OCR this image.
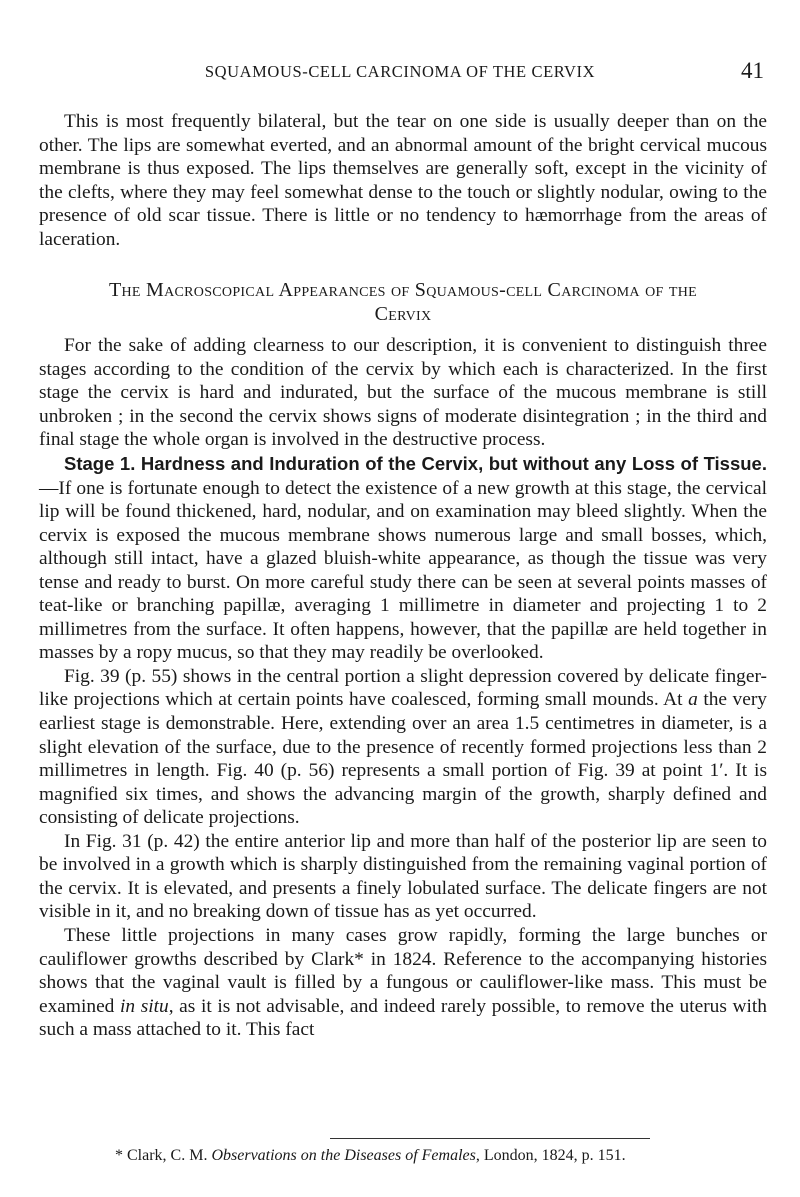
SQUAMOUS-CELL CARCINOMA OF THE CERVIX	41

This is most frequently bilateral, but the tear on one side is usually deeper than on the other. The lips are somewhat everted, and an abnormal amount of the bright cervical mucous membrane is thus exposed. The lips themselves are generally soft, except in the vicinity of the clefts, where they may feel somewhat dense to the touch or slightly nodular, owing to the presence of old scar tissue. There is little or no tendency to hæmorrhage from the areas of laceration.

The Macroscopical Appearances of Squamous-cell Carcinoma of the
Cervix

For the sake of adding clearness to our description, it is convenient to distinguish three stages according to the condition of the cervix by which each is characterized. In the first stage the cervix is hard and indurated, but the surface of the mucous membrane is still unbroken ; in the second the cervix shows signs of moderate disintegration ; in the third and final stage the whole organ is involved in the destructive process.

Stage 1. Hardness and Induration of the Cervix, but without any Loss of Tissue.—If one is fortunate enough to detect the existence of a new growth at this stage, the cervical lip will be found thickened, hard, nodular, and on examination may bleed slightly. When the cervix is exposed the mucous membrane shows numerous large and small bosses, which, although still intact, have a glazed bluish-white appearance, as though the tissue was very tense and ready to burst. On more careful study there can be seen at several points masses of teat-like or branching papillæ, averaging 1 millimetre in diameter and projecting 1 to 2 millimetres from the surface. It often happens, however, that the papillæ are held together in masses by a ropy mucus, so that they may readily be overlooked.

Fig. 39 (p. 55) shows in the central portion a slight depression covered by delicate finger-like projections which at certain points have coalesced, forming small mounds. At a the very earliest stage is demonstrable. Here, extending over an area 1.5 centimetres in diameter, is a slight elevation of the surface, due to the presence of recently formed projections less than 2 millimetres in length. Fig. 40 (p. 56) represents a small portion of Fig. 39 at point 1′. It is magnified six times, and shows the advancing margin of the growth, sharply defined and consisting of delicate projections.

In Fig. 31 (p. 42) the entire anterior lip and more than half of the posterior lip are seen to be involved in a growth which is sharply distinguished from the remaining vaginal portion of the cervix. It is elevated, and presents a finely lobulated surface. The delicate fingers are not visible in it, and no breaking down of tissue has as yet occurred.

These little projections in many cases grow rapidly, forming the large bunches or cauliflower growths described by Clark* in 1824. Reference to the accompanying histories shows that the vaginal vault is filled by a fungous or cauliflower-like mass. This must be examined in situ, as it is not advisable, and indeed rarely possible, to remove the uterus with such a mass attached to it. This fact

* Clark, C. M. Observations on the Diseases of Females, London, 1824, p. 151.
